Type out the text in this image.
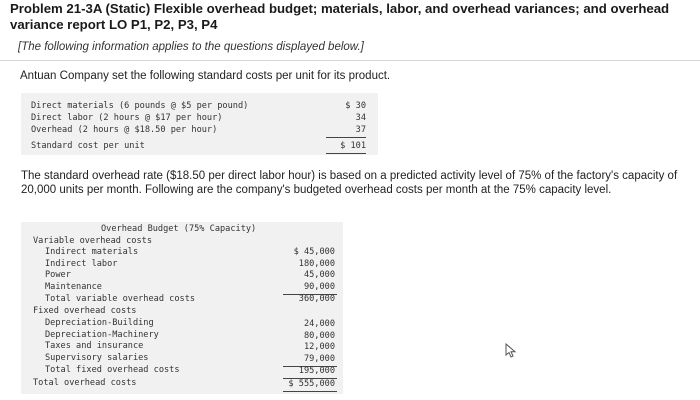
Problem 21-3A (Static) Flexible overhead budget; materials, labor, and overhead variances; and overhead variance report LO P1, P2, P3, P4
[The following information applies to the questions displayed below.]
Antuan Company set the following standard costs per unit for its product.
Direct materials (6 pounds @ $5 per pound)	$ 30
Direct labor (2 hours @ $17 per hour)	34
Overhead (2 hours @ $18.50 per hour)	37
Standard cost per unit	$ 101
The standard overhead rate ($18.50 per direct labor hour) is based on a predicted activity level of 75% of the factory's capacity of 20,000 units per month. Following are the company's budgeted overhead costs per month at the 75% capacity level.
Overhead Budget (75% Capacity)
Variable overhead costs
Indirect materials	$ 45,000
Indirect labor	180,000
Power	45,000
Maintenance	90,000
Total variable overhead costs	360,000
Fixed overhead costs
Depreciation-Building	24,000
Depreciation-Machinery	80,000
Taxes and insurance	12,000
Supervisory salaries	79,000
Total fixed overhead costs	195,000
Total overhead costs	$ 555,000
